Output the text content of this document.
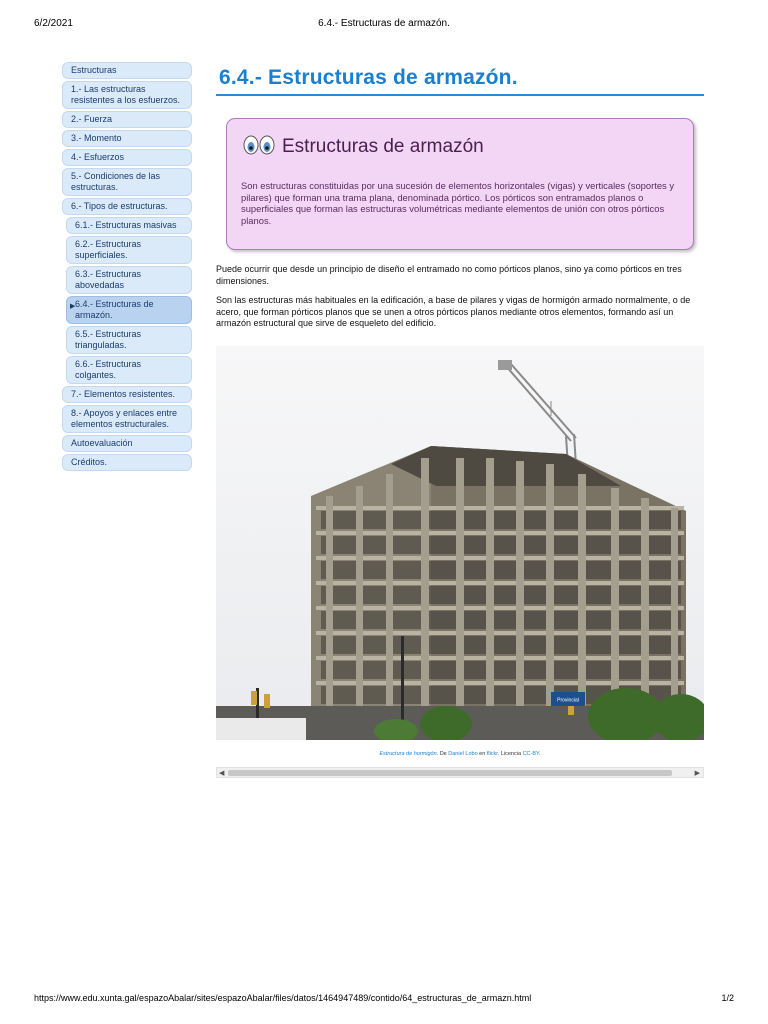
6/2/2021	6.4.- Estructuras de armazón.
Estructuras
1.- Las estructuras resistentes a los esfuerzos.
2.- Fuerza
3.- Momento
4.- Esfuerzos
5.- Condiciones de las estructuras.
6.- Tipos de estructuras.
6.1.- Estructuras masivas
6.2.- Estructuras superficiales.
6.3.- Estructuras abovedadas
▶ 6.4.- Estructuras de armazón.
6.5.- Estructuras trianguladas.
6.6.- Estructuras colgantes.
7.- Elementos resistentes.
8.- Apoyos y enlaces entre elementos estructurales.
Autoevaluación
Créditos.
6.4.- Estructuras de armazón.
Estructuras de armazón

Son estructuras constituidas por una sucesión de elementos horizontales (vigas) y verticales (soportes y pilares) que forman una trama plana, denominada pórtico. Los pórticos son entramados planos o superficiales que forman las estructuras volumétricas mediante elementos de unión con otros pórticos planos.

Puede ocurrir que desde un principio de diseño el entramado no como pórticos planos, sino ya como pórticos en tres dimensiones.

Son las estructuras más habituales en la edificación, a base de pilares y vigas de hormigón armado normalmente, o de acero, que forman pórticos planos que se unen a otros pórticos planos mediante otros elementos, formando así un armazón estructural que sirve de esqueleto del edificio.

Provincial

Estructura de hormigón. De Daniel Lobo en flickr. Licencia CC-BY.

◀	▶
https://www.edu.xunta.gal/espazoAbalar/sites/espazoAbalar/files/datos/1464947489/contido/64_estructuras_de_armazn.html	1/2
